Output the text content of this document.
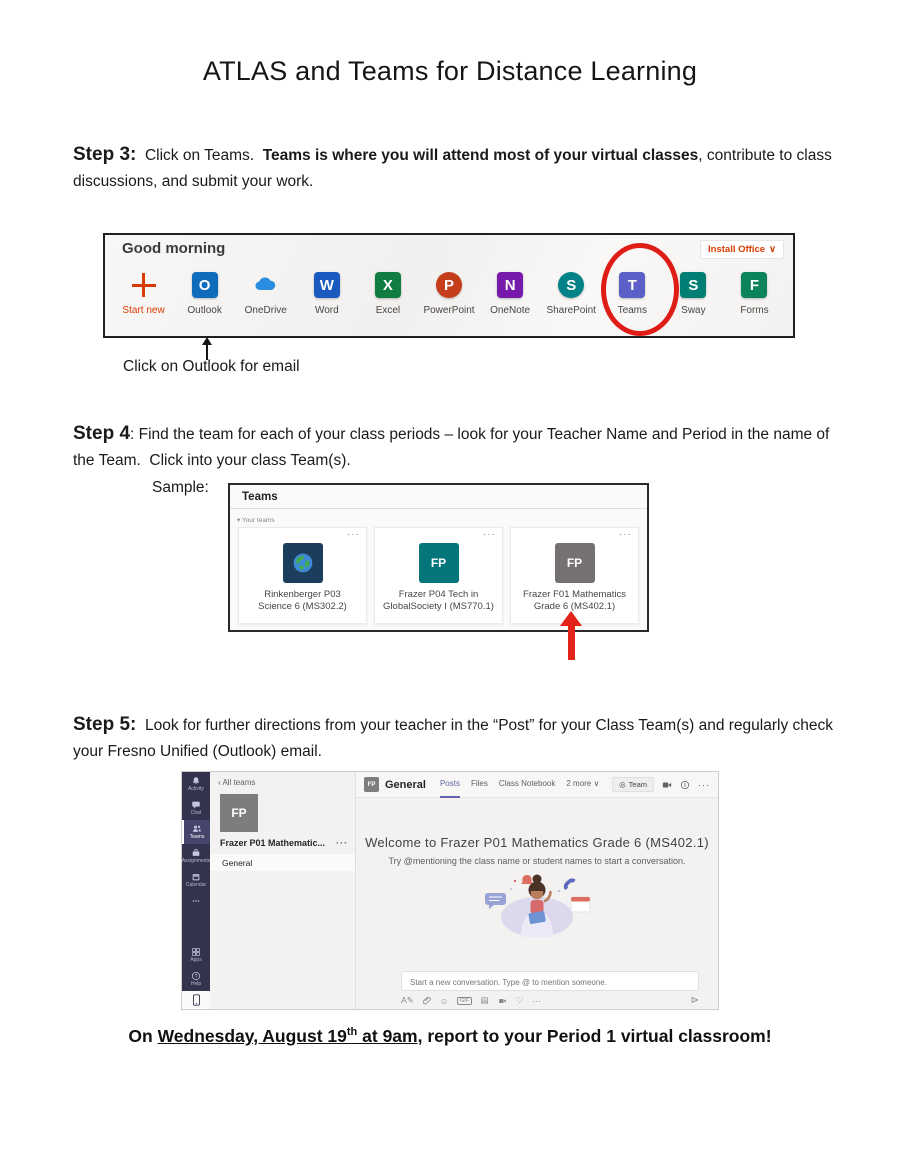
ATLAS and Teams for Distance Learning

Step 3:  Click on Teams.  Teams is where you will attend most of your virtual classes, contribute to class discussions, and submit your work.

Good morning	Install Office ∨
Start new
O
Outlook OneDrive
W
Word
X
Excel
P
PowerPoint
N
OneNote
S
SharePoint
T
Teams
S
Sway
F
Forms
Click on Outlook for email

Step 4: Find the team for each of your class periods – look for your Teacher Name and Period in the name of the Team.  Click into your class Team(s).

Sample:
Teams
▾ Your teams
···
Rinkenberger P03 Science 6 (MS302.2)
···
FP
Frazer P04 Tech in GlobalSociety I (MS770.1)
···
FP
Frazer F01 Mathematics Grade 6 (MS402.1)

Step 5:  Look for further directions from your teacher in the “Post” for your Class Team(s) and regularly check your Fresno Unified (Outlook) email.

Activity
Chat
Teams
Assignments
Calendar
Apps
?
Help
‹ All teams
FP
Frazer P01 Mathematic... ···
General
FP General Posts Files Class Notebook 2 more ∨	◎ Team	···
Welcome to Frazer P01 Mathematics Grade 6 (MS402.1)
Try @mentioning the class name or student names to start a conversation.
Start a new conversation. Type @ to mention someone.
A✎	☺	GIF ▤	♡ ···	⊳
On Wednesday, August 19th at 9am, report to your Period 1 virtual classroom!
